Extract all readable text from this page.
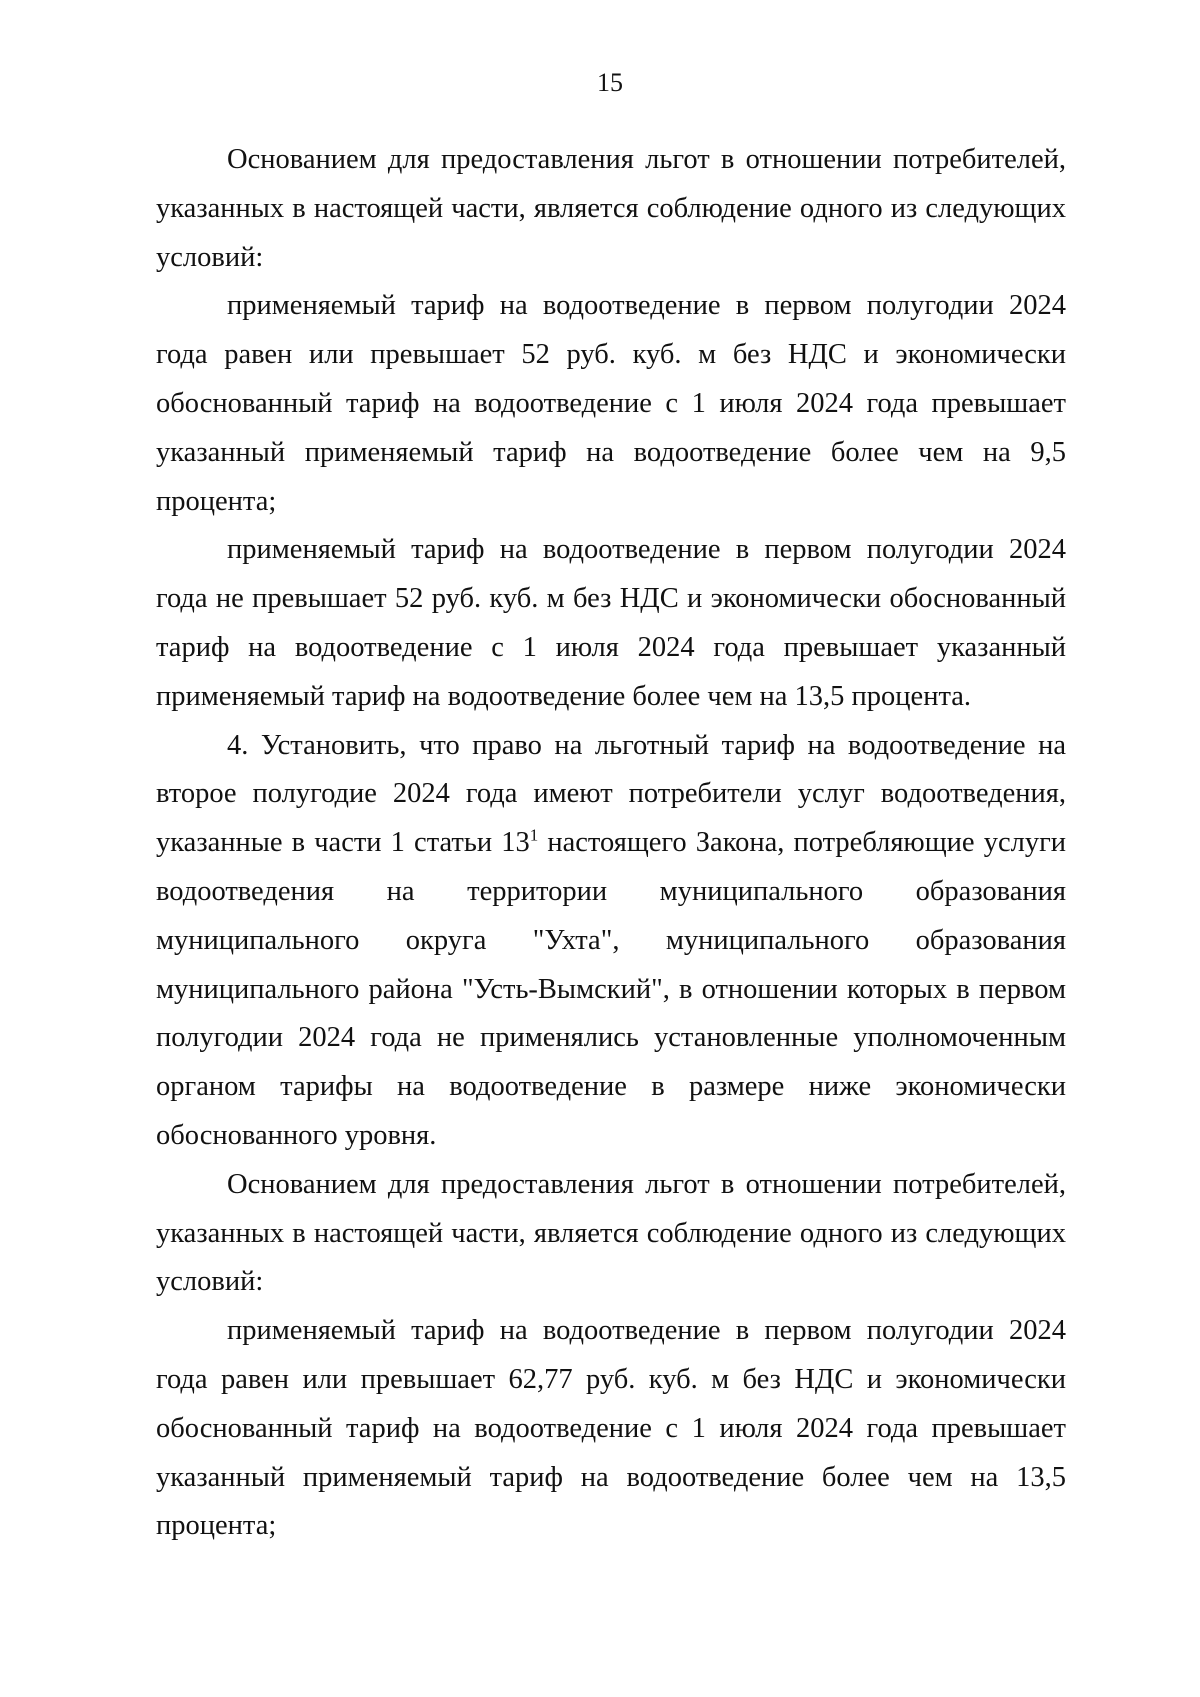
15

Основанием для предоставления льгот в отношении потребителей, указанных в настоящей части, является соблюдение одного из следующих условий:

применяемый тариф на водоотведение в первом полугодии 2024 года равен или превышает 52 руб. куб. м без НДС и экономически обоснованный тариф на водоотведение с 1 июля 2024 года превышает указанный применяемый тариф на водоотведение более чем на 9,5 процента;

применяемый тариф на водоотведение в первом полугодии 2024 года не превышает 52 руб. куб. м без НДС и экономически обоснованный тариф на водоотведение с 1 июля 2024 года превышает указанный применяемый тариф на водоотведение более чем на 13,5 процента.

4. Установить, что право на льготный тариф на водоотведение на второе полугодие 2024 года имеют потребители услуг водоотведения, указанные в части 1 статьи $13^1$ настоящего Закона, потребляющие услуги водоотведения на территории муниципального образования муниципального округа "Ухта", муниципального образования муниципального района "Усть-Вымский", в отношении которых в первом полугодии 2024 года не применялись установленные уполномоченным органом тарифы на водоотведение в размере ниже экономически обоснованного уровня.

Основанием для предоставления льгот в отношении потребителей, указанных в настоящей части, является соблюдение одного из следующих условий:

применяемый тариф на водоотведение в первом полугодии 2024 года равен или превышает 62,77 руб. куб. м без НДС и экономически обоснованный тариф на водоотведение с 1 июля 2024 года превышает указанный применяемый тариф на водоотведение более чем на 13,5 процента;
